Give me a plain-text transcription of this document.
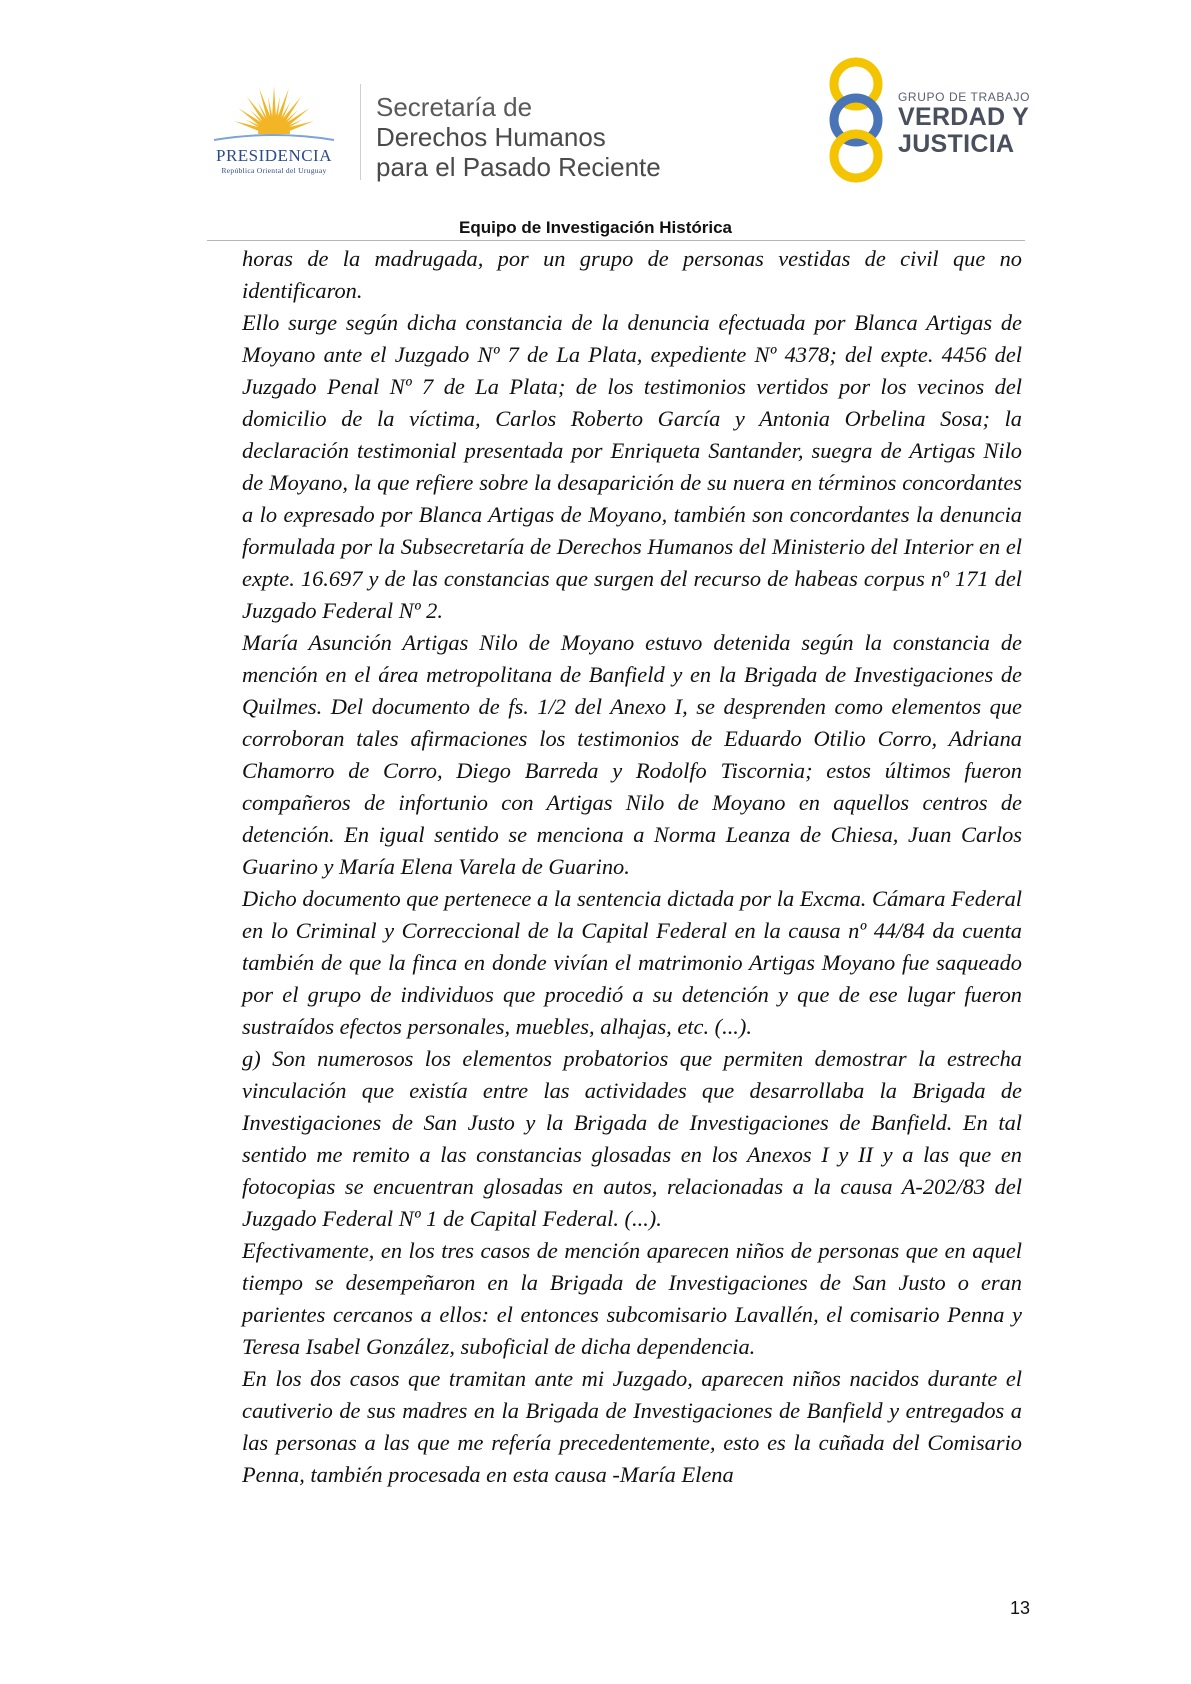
PRESIDENCIA
República Oriental del Uruguay
Secretaría de
Derechos Humanos
para el Pasado Reciente
GRUPO DE TRABAJO
VERDAD Y
JUSTICIA
Equipo de Investigación Histórica

horas de la madrugada, por un grupo de personas vestidas de civil que no identificaron.

Ello surge según dicha constancia de la denuncia efectuada por Blanca Artigas de Moyano ante el Juzgado Nº 7 de La Plata, expediente Nº 4378; del expte. 4456 del Juzgado Penal Nº 7 de La Plata; de los testimonios vertidos por los vecinos del domicilio de la víctima, Carlos Roberto García y Antonia Orbelina Sosa; la declaración testimonial presentada por Enriqueta Santander, suegra de Artigas Nilo de Moyano, la que refiere sobre la desaparición de su nuera en términos concordantes a lo expresado por Blanca Artigas de Moyano, también son concordantes la denuncia formulada por la Subsecretaría de Derechos Humanos del Ministerio del Interior en el expte. 16.697 y de las constancias que surgen del recurso de habeas corpus nº 171 del Juzgado Federal Nº 2.

María Asunción Artigas Nilo de Moyano estuvo detenida según la constancia de mención en el área metropolitana de Banfield y en la Brigada de Investigaciones de Quilmes. Del documento de fs. 1/2 del Anexo I, se desprenden como elementos que corroboran tales afirmaciones los testimonios de Eduardo Otilio Corro, Adriana Chamorro de Corro, Diego Barreda y Rodolfo Tiscornia; estos últimos fueron compañeros de infortunio con Artigas Nilo de Moyano en aquellos centros de detención. En igual sentido se menciona a Norma Leanza de Chiesa, Juan Carlos Guarino y María Elena Varela de Guarino.

Dicho documento que pertenece a la sentencia dictada por la Excma. Cámara Federal en lo Criminal y Correccional de la Capital Federal en la causa nº 44/84 da cuenta también de que la finca en donde vivían el matrimonio Artigas Moyano fue saqueado por el grupo de individuos que procedió a su detención y que de ese lugar fueron sustraídos efectos personales, muebles, alhajas, etc. (...).

g) Son numerosos los elementos probatorios que permiten demostrar la estrecha vinculación que existía entre las actividades que desarrollaba la Brigada de Investigaciones de San Justo y la Brigada de Investigaciones de Banfield. En tal sentido me remito a las constancias glosadas en los Anexos I y II y a las que en fotocopias se encuentran glosadas en autos, relacionadas a la causa A-202/83 del Juzgado Federal Nº 1 de Capital Federal. (...).

Efectivamente, en los tres casos de mención aparecen niños de personas que en aquel tiempo se desempeñaron en la Brigada de Investigaciones de San Justo o eran parientes cercanos a ellos: el entonces subcomisario Lavallén, el comisario Penna y Teresa Isabel González, suboficial de dicha dependencia.

En los dos casos que tramitan ante mi Juzgado, aparecen niños nacidos durante el cautiverio de sus madres en la Brigada de Investigaciones de Banfield y entregados a las personas a las que me refería precedentemente, esto es la cuñada del Comisario Penna, también procesada en esta causa -María Elena

13
